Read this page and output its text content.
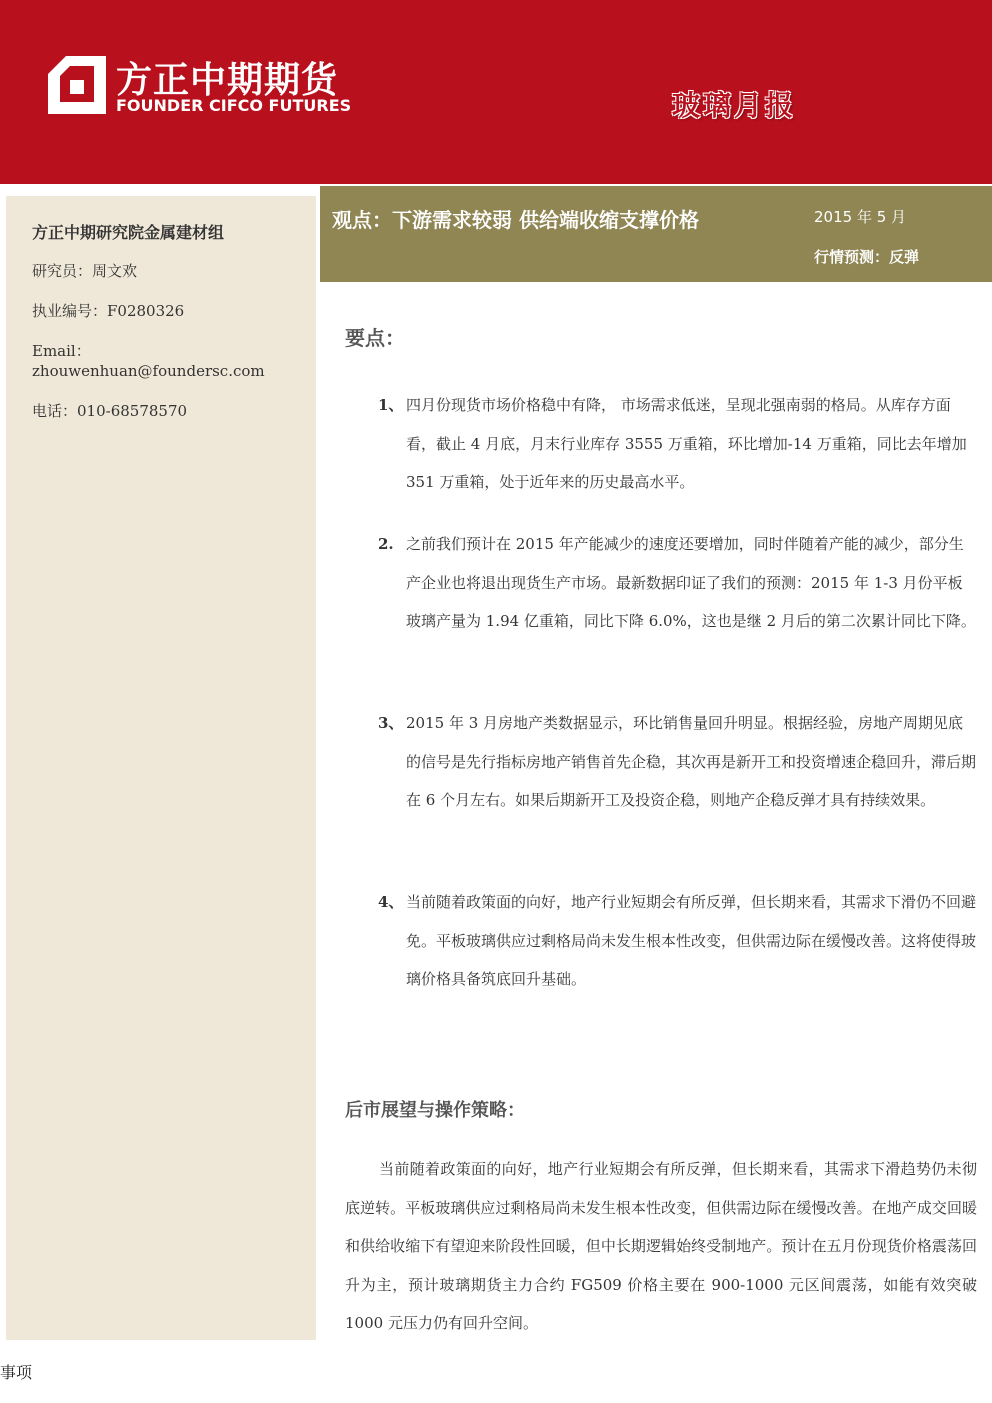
方正中期期货
FOUNDER CIFCO FUTURES	玻璃月报
方正中期研究院金属建材组
研究员：周文欢
执业编号：F0280326
Email：
zhouwenhuan@foundersc.com
电话：010-68578570
观点：下游需求较弱 供给端收缩支撑价格	2015 年 5 月
行情预测：反弹
要点：
1、 四月份现货市场价格稳中有降， 市场需求低迷，呈现北强南弱的格局。从库存方面看，截止 4 月底，月末行业库存 3555 万重箱，环比增加-14 万重箱，同比去年增加 351 万重箱，处于近年来的历史最高水平。
2. 之前我们预计在 2015 年产能减少的速度还要增加，同时伴随着产能的减少，部分生产企业也将退出现货生产市场。最新数据印证了我们的预测：2015 年 1-3 月份平板玻璃产量为 1.94 亿重箱，同比下降 6.0%，这也是继 2 月后的第二次累计同比下降。
3、 2015 年 3 月房地产类数据显示，环比销售量回升明显。根据经验，房地产周期见底的信号是先行指标房地产销售首先企稳，其次再是新开工和投资增速企稳回升，滞后期在 6 个月左右。如果后期新开工及投资企稳，则地产企稳反弹才具有持续效果。
4、 当前随着政策面的向好，地产行业短期会有所反弹，但长期来看，其需求下滑仍不回避免。平板玻璃供应过剩格局尚未发生根本性改变，但供需边际在缓慢改善。这将使得玻璃价格具备筑底回升基础。
后市展望与操作策略：
当前随着政策面的向好，地产行业短期会有所反弹，但长期来看，其需求下滑趋势仍未彻底逆转。平板玻璃供应过剩格局尚未发生根本性改变，但供需边际在缓慢改善。在地产成交回暖和供给收缩下有望迎来阶段性回暖，但中长期逻辑始终受制地产。预计在五月份现货价格震荡回升为主，预计玻璃期货主力合约 FG509 价格主要在 900-1000 元区间震荡，如能有效突破 1000 元压力仍有回升空间。
事项
